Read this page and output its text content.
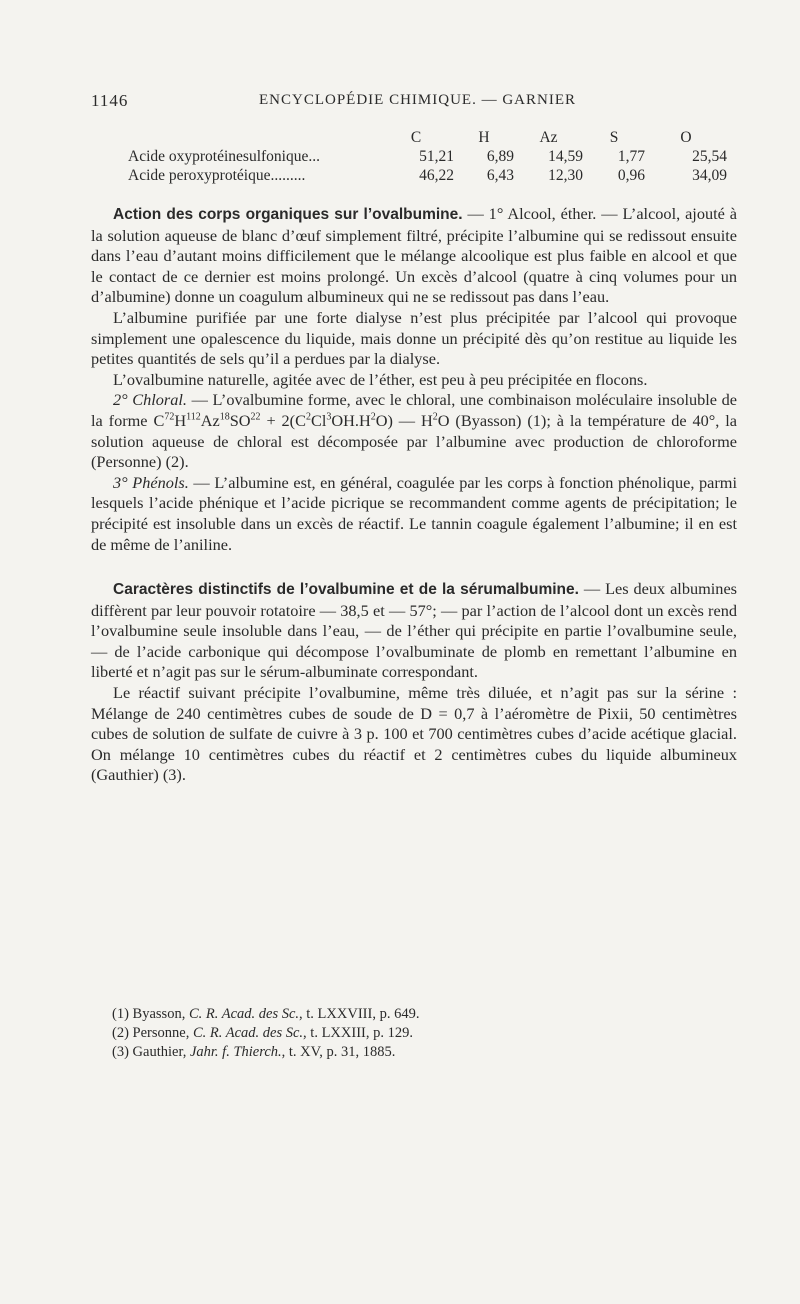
1146	ENCYCLOPÉDIE CHIMIQUE. — GARNIER
	C	H	Az	S	O
Acide oxyprotéinesulfonique...	51,21	6,89	14,59	1,77	25,54
Acide peroxyprotéique.........	46,22	6,43	12,30	0,96	34,09

Action des corps organiques sur l’ovalbumine. — 1° Alcool, éther. — L’alcool, ajouté à la solution aqueuse de blanc d’œuf simplement filtré, précipite l’albumine qui se redissout ensuite dans l’eau d’autant moins difficilement que le mélange alcoolique est plus faible en alcool et que le contact de ce dernier est moins prolongé. Un excès d’alcool (quatre à cinq volumes pour un d’albumine) donne un coagulum albumineux qui ne se redissout pas dans l’eau.

L’albumine purifiée par une forte dialyse n’est plus précipitée par l’alcool qui provoque simplement une opalescence du liquide, mais donne un précipité dès qu’on restitue au liquide les petites quantités de sels qu’il a perdues par la dialyse.

L’ovalbumine naturelle, agitée avec de l’éther, est peu à peu précipitée en flocons.

2° Chloral. — L’ovalbumine forme, avec le chloral, une combinaison moléculaire insoluble de la forme $C^{72}H^{112}Az^{18}SO^{22} + 2(C^2Cl^3OH.H^2O)$ — $H^2O$ (Byasson) (1); à la température de 40°, la solution aqueuse de chloral est décomposée par l’albumine avec production de chloroforme (Personne) (2).

3° Phénols. — L’albumine est, en général, coagulée par les corps à fonction phénolique, parmi lesquels l’acide phénique et l’acide picrique se recommandent comme agents de précipitation; le précipité est insoluble dans un excès de réactif. Le tannin coagule également l’albumine; il en est de même de l’aniline.

Caractères distinctifs de l’ovalbumine et de la sérumalbumine. — Les deux albumines diffèrent par leur pouvoir rotatoire — 38,5 et — 57°; — par l’action de l’alcool dont un excès rend l’ovalbumine seule insoluble dans l’eau, — de l’éther qui précipite en partie l’ovalbumine seule, — de l’acide carbonique qui décompose l’ovalbuminate de plomb en remettant l’albumine en liberté et n’agit pas sur le sérum-albuminate correspondant.

Le réactif suivant précipite l’ovalbumine, même très diluée, et n’agit pas sur la sérine : Mélange de 240 centimètres cubes de soude de D = 0,7 à l’aéromètre de Pixii, 50 centimètres cubes de solution de sulfate de cuivre à 3 p. 100 et 700 centimètres cubes d’acide acétique glacial. On mélange 10 centimètres cubes du réactif et 2 centimètres cubes du liquide albumineux (Gauthier) (3).

(1) Byasson, C. R. Acad. des Sc., t. LXXVIII, p. 649.
(2) Personne, C. R. Acad. des Sc., t. LXXIII, p. 129.
(3) Gauthier, Jahr. f. Thierch., t. XV, p. 31, 1885.
